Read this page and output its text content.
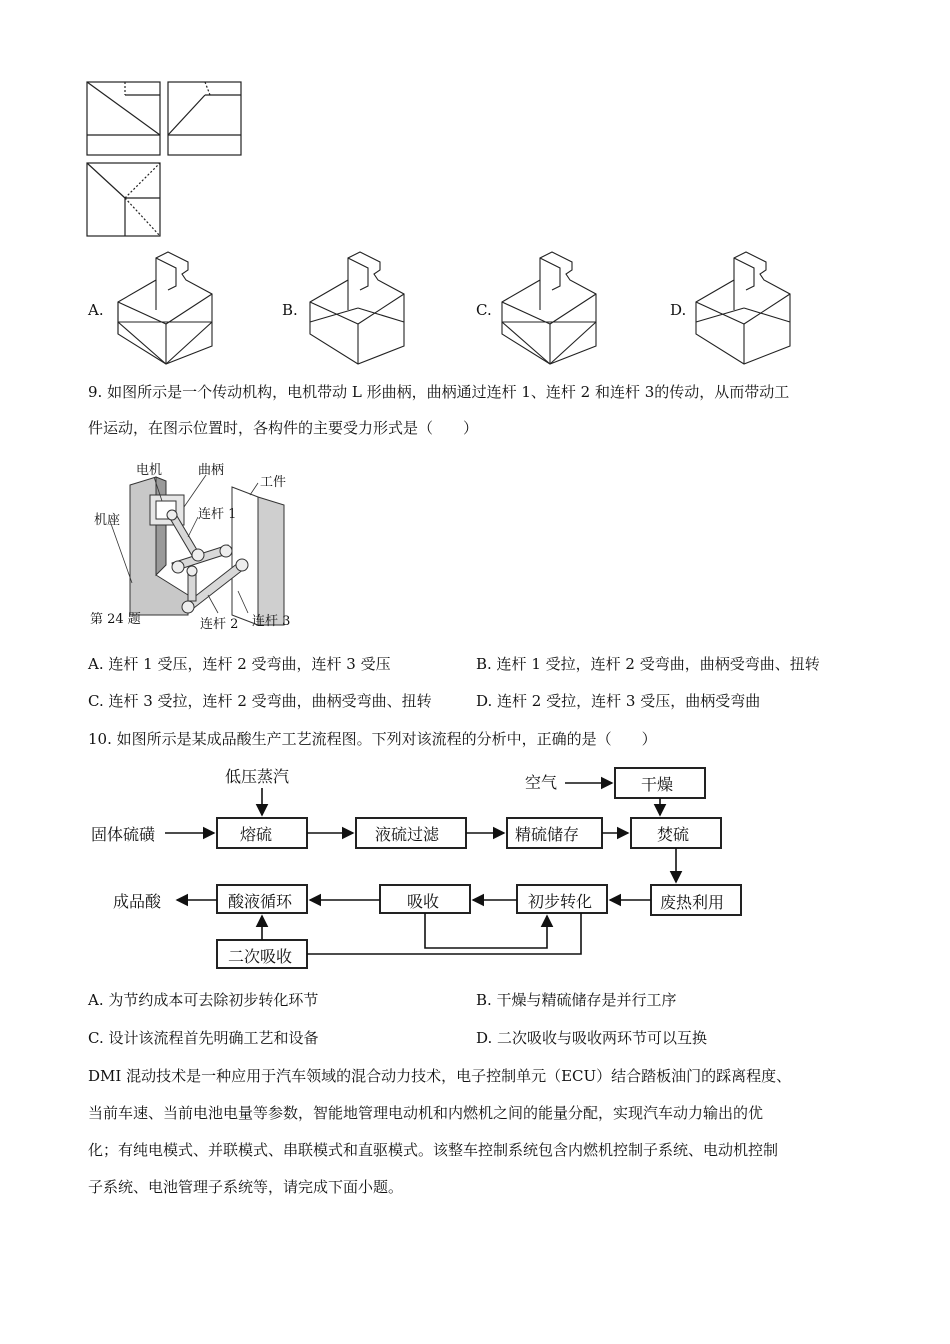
A.	B.	C.	D.
9. 如图所示是一个传动机构，电机带动 L 形曲柄，曲柄通过连杆 1、连杆 2 和连杆 3的传动，从而带动工
件运动，在图示位置时，各构件的主要受力形式是（　　）
电机	曲柄
工件
机座	连杆 1
连杆 2 连杆 3
第 24 题
A. 连杆 1 受压，连杆 2 受弯曲，连杆 3 受压	B. 连杆 1 受拉，连杆 2 受弯曲，曲柄受弯曲、扭转
C. 连杆 3 受拉，连杆 2 受弯曲，曲柄受弯曲、扭转	D. 连杆 2 受拉，连杆 3 受压，曲柄受弯曲
10. 如图所示是某成品酸生产工艺流程图。下列对该流程的分析中，正确的是（　　）
低压蒸汽
固体硫磺
空气
熔硫	液硫过滤	精硫储存
干燥
焚硫
废热利用
初步转化
吸收
酸液循环
成品酸
二次吸收
A. 为节约成本可去除初步转化环节	B. 干燥与精硫储存是并行工序
C. 设计该流程首先明确工艺和设备	D. 二次吸收与吸收两环节可以互换
DMI 混动技术是一种应用于汽车领域的混合动力技术，电子控制单元（ECU）结合踏板油门的踩离程度、
当前车速、当前电池电量等参数，智能地管理电动机和内燃机之间的能量分配，实现汽车动力输出的优
化；有纯电模式、并联模式、串联模式和直驱模式。该整车控制系统包含内燃机控制子系统、电动机控制
子系统、电池管理子系统等，请完成下面小题。
